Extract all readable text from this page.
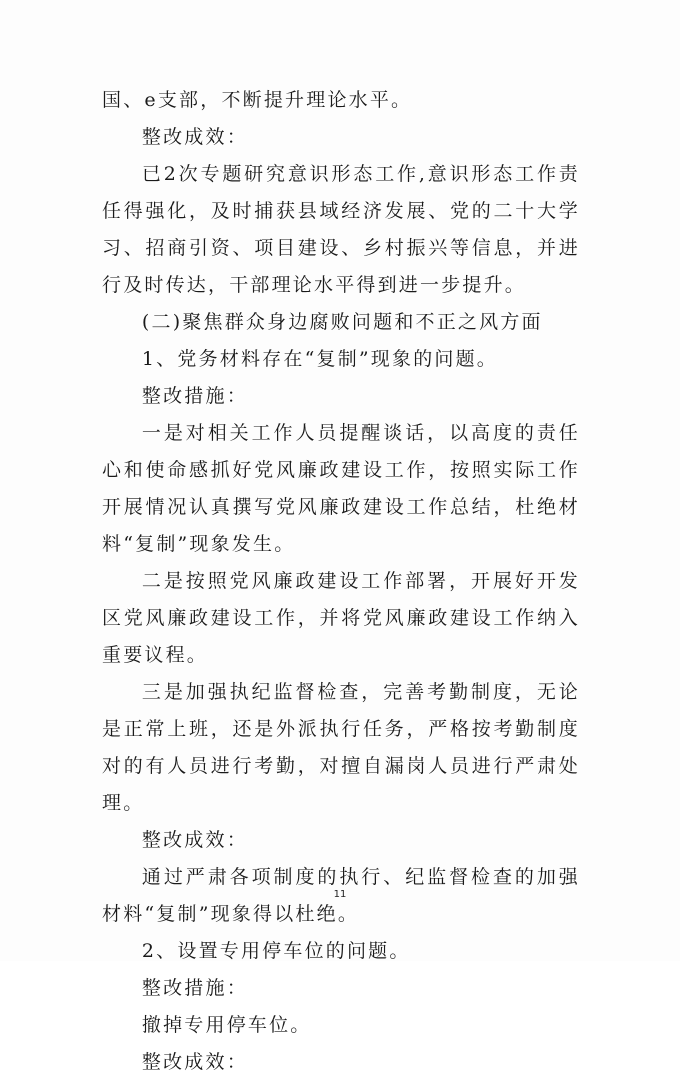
国、e支部，不断提升理论水平。

整改成效：

已2次专题研究意识形态工作,意识形态工作责任得强化，及时捕获县域经济发展、党的二十大学习、招商引资、项目建设、乡村振兴等信息，并进行及时传达，干部理论水平得到进一步提升。

(二)聚焦群众身边腐败问题和不正之风方面

1、党务材料存在“复制”现象的问题。

整改措施：

一是对相关工作人员提醒谈话，以高度的责任心和使命感抓好党风廉政建设工作，按照实际工作开展情况认真撰写党风廉政建设工作总结，杜绝材料“复制”现象发生。

二是按照党风廉政建设工作部署，开展好开发区党风廉政建设工作，并将党风廉政建设工作纳入重要议程。

三是加强执纪监督检查，完善考勤制度，无论是正常上班，还是外派执行任务，严格按考勤制度对的有人员进行考勤，对擅自漏岗人员进行严肃处理。

整改成效：

通过严肃各项制度的执行、纪监督检查的加强材料“复制”现象得以杜绝。

2、设置专用停车位的问题。

整改措施：

撤掉专用停车位。

整改成效：

11
